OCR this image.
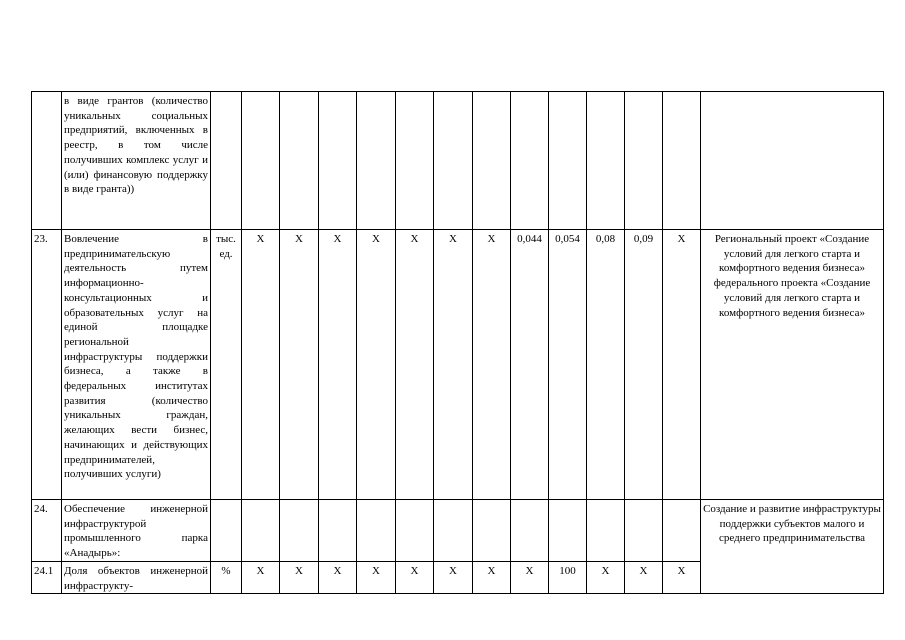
	в виде грантов (количество уникальных социальных предприятий, включенных в реестр, в том числе получивших комплекс услуг и (или) финансовую поддержку в виде гранта))														
23.	Вовлечение в предпринимательскую деятельность путем информационно-консультационных и образовательных услуг на единой площадке региональной инфраструктуры поддержки бизнеса, а также в федеральных институтах развития (количество уникальных граждан, желающих вести бизнес, начинающих и действующих предпринимателей, получивших услуги)	тыс. ед.	Х	Х	Х	Х	Х	Х	Х	0,044	0,054	0,08	0,09	Х	Региональный проект «Создание условий для легкого старта и комфортного ведения бизнеса» федерального проекта «Создание условий для легкого старта и комфортного ведения бизнеса»
24.	Обеспечение инженерной инфраструктурой промышленного парка «Анадырь»:														Создание и развитие инфраструктуры поддержки субъектов малого и среднего предпринимательства
24.1	Доля объектов инженерной инфраструкту-	%	Х	Х	Х	Х	Х	Х	Х	Х	100	Х	Х	Х	
